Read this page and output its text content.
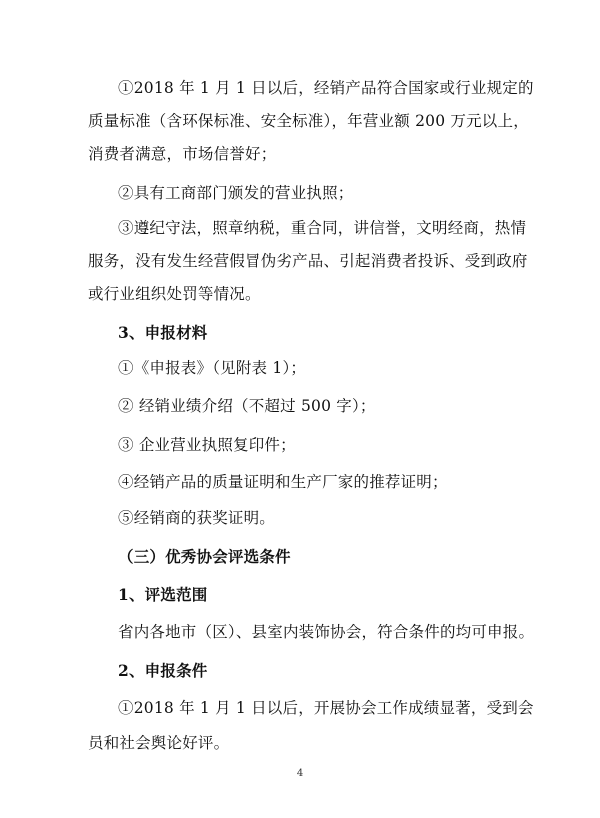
①2018 年 1 月 1 日以后，经销产品符合国家或行业规定的
质量标准（含环保标准、安全标准），年营业额 200 万元以上，
消费者满意，市场信誉好；
②具有工商部门颁发的营业执照；
③遵纪守法，照章纳税，重合同，讲信誉，文明经商，热情
服务，没有发生经营假冒伪劣产品、引起消费者投诉、受到政府
或行业组织处罚等情况。
3、申报材料
①《申报表》（见附表 1）；
② 经销业绩介绍（不超过 500 字）；
③ 企业营业执照复印件；
④经销产品的质量证明和生产厂家的推荐证明；
⑤经销商的获奖证明。
（三）优秀协会评选条件
1、评选范围
省内各地市（区）、县室内装饰协会，符合条件的均可申报。
2、申报条件
①2018 年 1 月 1 日以后，开展协会工作成绩显著，受到会
员和社会舆论好评。
4
